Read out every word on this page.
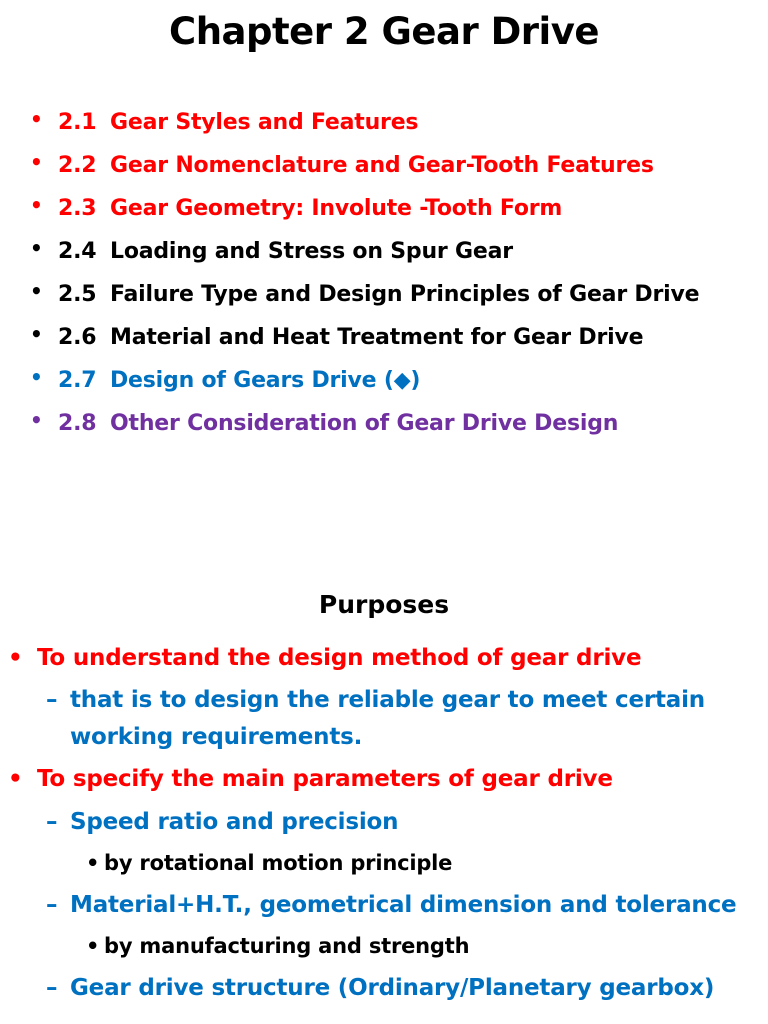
Chapter 2 Gear Drive
• 2.1 Gear Styles and Features
• 2.2 Gear Nomenclature and Gear-Tooth Features
• 2.3 Gear Geometry: Involute -Tooth Form
• 2.4 Loading and Stress on Spur Gear
• 2.5 Failure Type and Design Principles of Gear Drive
• 2.6 Material and Heat Treatment for Gear Drive
• 2.7 Design of Gears Drive (◆)
• 2.8 Other Consideration of Gear Drive Design
Purposes
• To understand the design method of gear drive
– that is to design the reliable gear to meet certain
working requirements.
• To specify the main parameters of gear drive
– Speed ratio and precision
• by rotational motion principle
– Material+H.T., geometrical dimension and tolerance
• by manufacturing and strength
– Gear drive structure (Ordinary/Planetary gearbox)
